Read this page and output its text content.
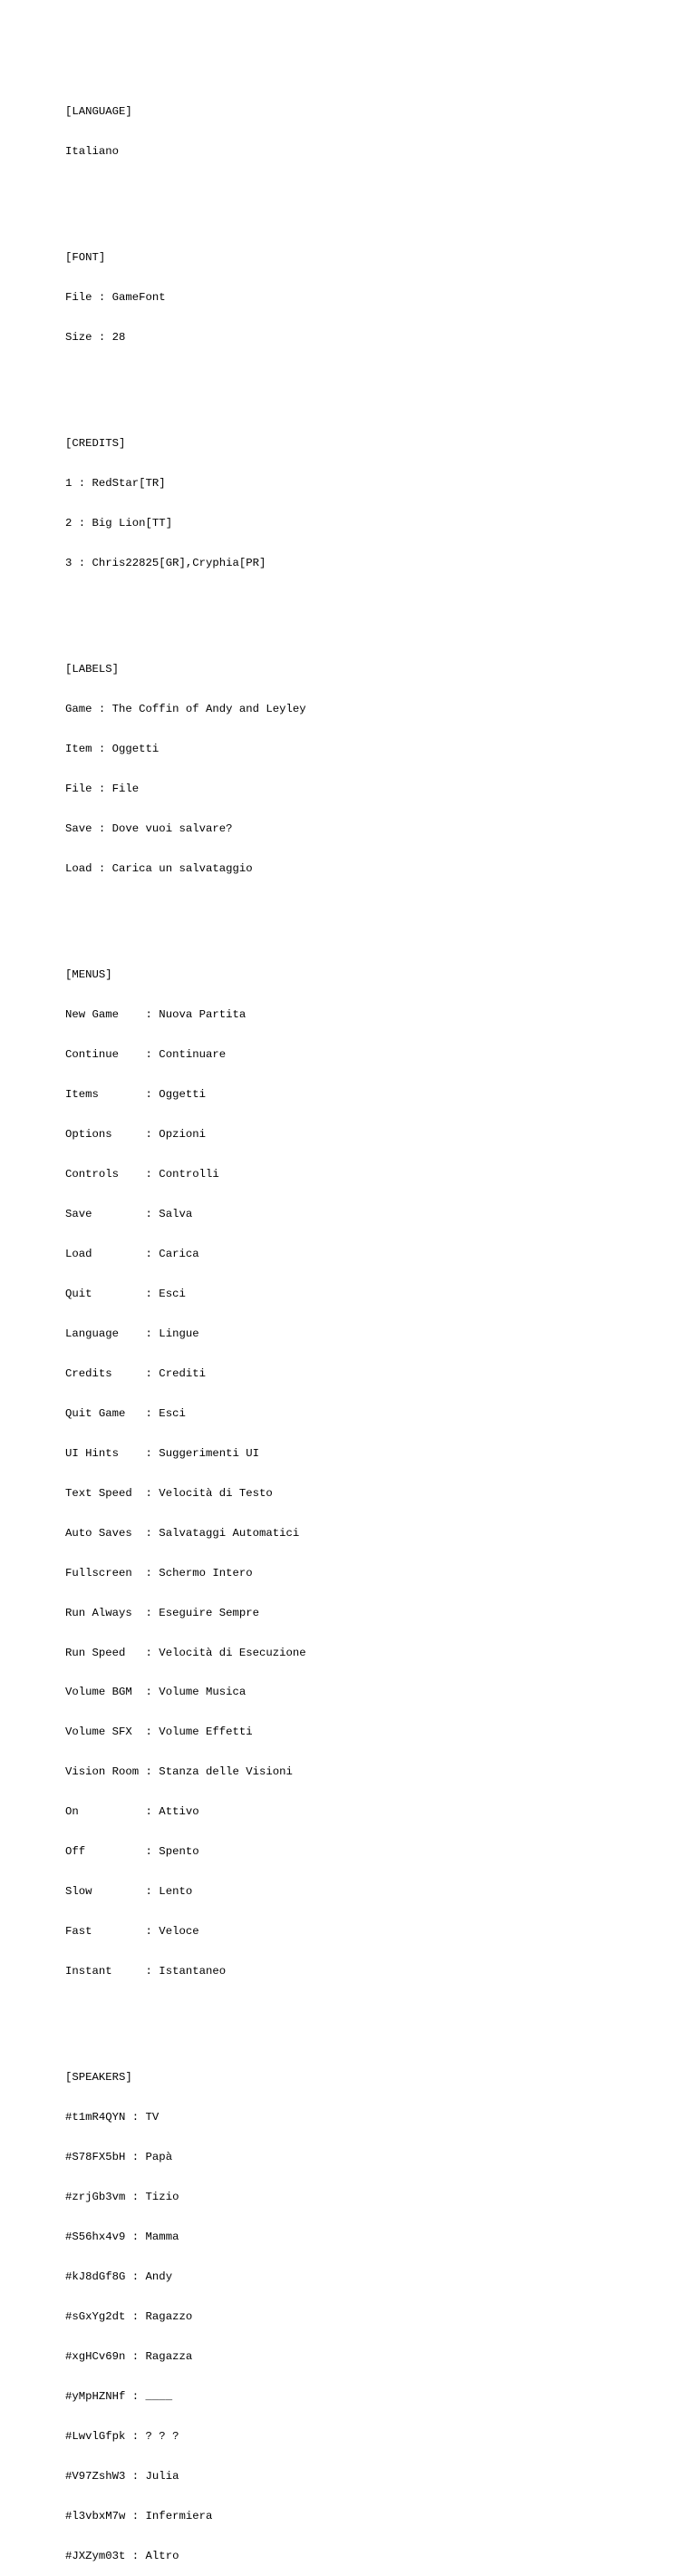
[LANGUAGE]

Italiano

[FONT]

File : GameFont

Size : 28

[CREDITS]

1 : RedStar[TR]

2 : Big Lion[TT]

3 : Chris22825[GR],Cryphia[PR]

[LABELS]

Game : The Coffin of Andy and Leyley

Item : Oggetti

File : File

Save : Dove vuoi salvare?

Load : Carica un salvataggio

[MENUS]

New Game    : Nuova Partita

Continue    : Continuare

Items       : Oggetti

Options     : Opzioni

Controls    : Controlli

Save        : Salva

Load        : Carica

Quit        : Esci

Language    : Lingue

Credits     : Crediti

Quit Game   : Esci

UI Hints    : Suggerimenti UI

Text Speed  : Velocità di Testo

Auto Saves  : Salvataggi Automatici

Fullscreen  : Schermo Intero

Run Always  : Eseguire Sempre

Run Speed   : Velocità di Esecuzione

Volume BGM  : Volume Musica

Volume SFX  : Volume Effetti

Vision Room : Stanza delle Visioni

On          : Attivo

Off         : Spento

Slow        : Lento

Fast        : Veloce

Instant     : Istantaneo

[SPEAKERS]

#t1mR4QYN : TV

#S78FX5bH : Papà

#zrjGb3vm : Tizio

#S56hx4v9 : Mamma

#kJ8dGf8G : Andy

#sGxYg2dt : Ragazzo

#xgHCv69n : Ragazza

#yMpHZNHf : ____

#LwvlGfpk : ? ? ?

#V97ZshW3 : Julia

#l3vbxM7w : Infermiera

#JXZym03t : Altro
